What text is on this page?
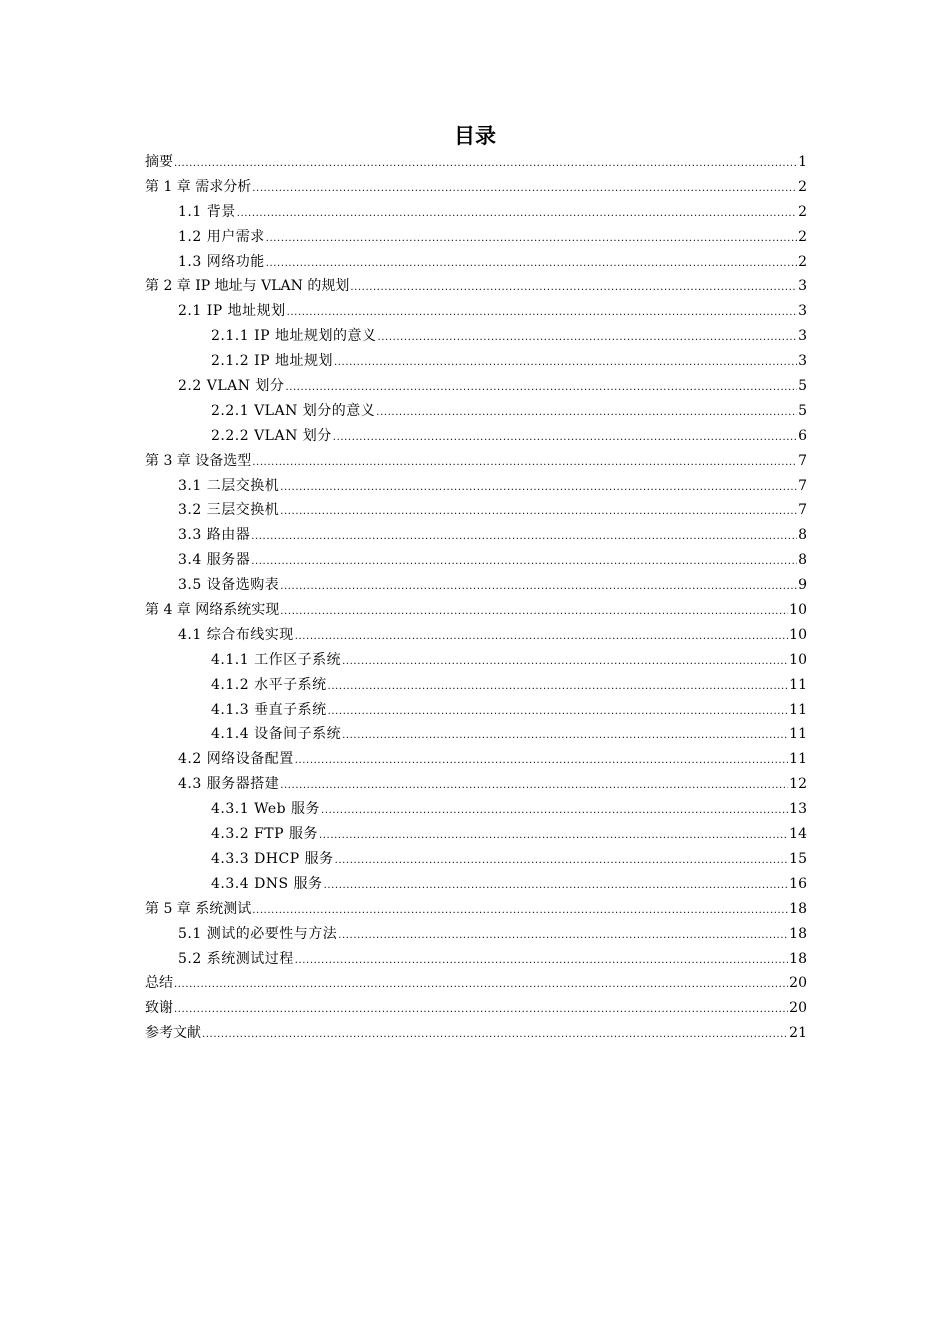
目录
摘要 .....	1
第 1 章 需求分析 .....	2
1.1 背景 .....	2
1.2 用户需求 .....	2
1.3 网络功能 .....	2
第 2 章 IP 地址与 VLAN 的规划 .....	3
2.1 IP 地址规划 .....	3
2.1.1 IP 地址规划的意义 .....	3
2.1.2 IP 地址规划 .....	3
2.2 VLAN 划分 .....	5
2.2.1 VLAN 划分的意义 .....	5
2.2.2 VLAN 划分 .....	6
第 3 章 设备选型 .....	7
3.1 二层交换机 .....	7
3.2 三层交换机 .....	7
3.3 路由器 .....	8
3.4 服务器 .....	8
3.5 设备选购表 .....	9
第 4 章 网络系统实现 .....	10
4.1 综合布线实现 .....	10
4.1.1 工作区子系统 .....	10
4.1.2 水平子系统 .....	11
4.1.3 垂直子系统 .....	11
4.1.4 设备间子系统 .....	11
4.2 网络设备配置 .....	11
4.3 服务器搭建 .....	12
4.3.1 Web 服务 .....	13
4.3.2 FTP 服务 .....	14
4.3.3 DHCP 服务 .....	15
4.3.4 DNS 服务 .....	16
第 5 章 系统测试 .....	18
5.1 测试的必要性与方法 .....	18
5.2 系统测试过程 .....	18
总结 .....	20
致谢 .....	20
参考文献 .....	21
